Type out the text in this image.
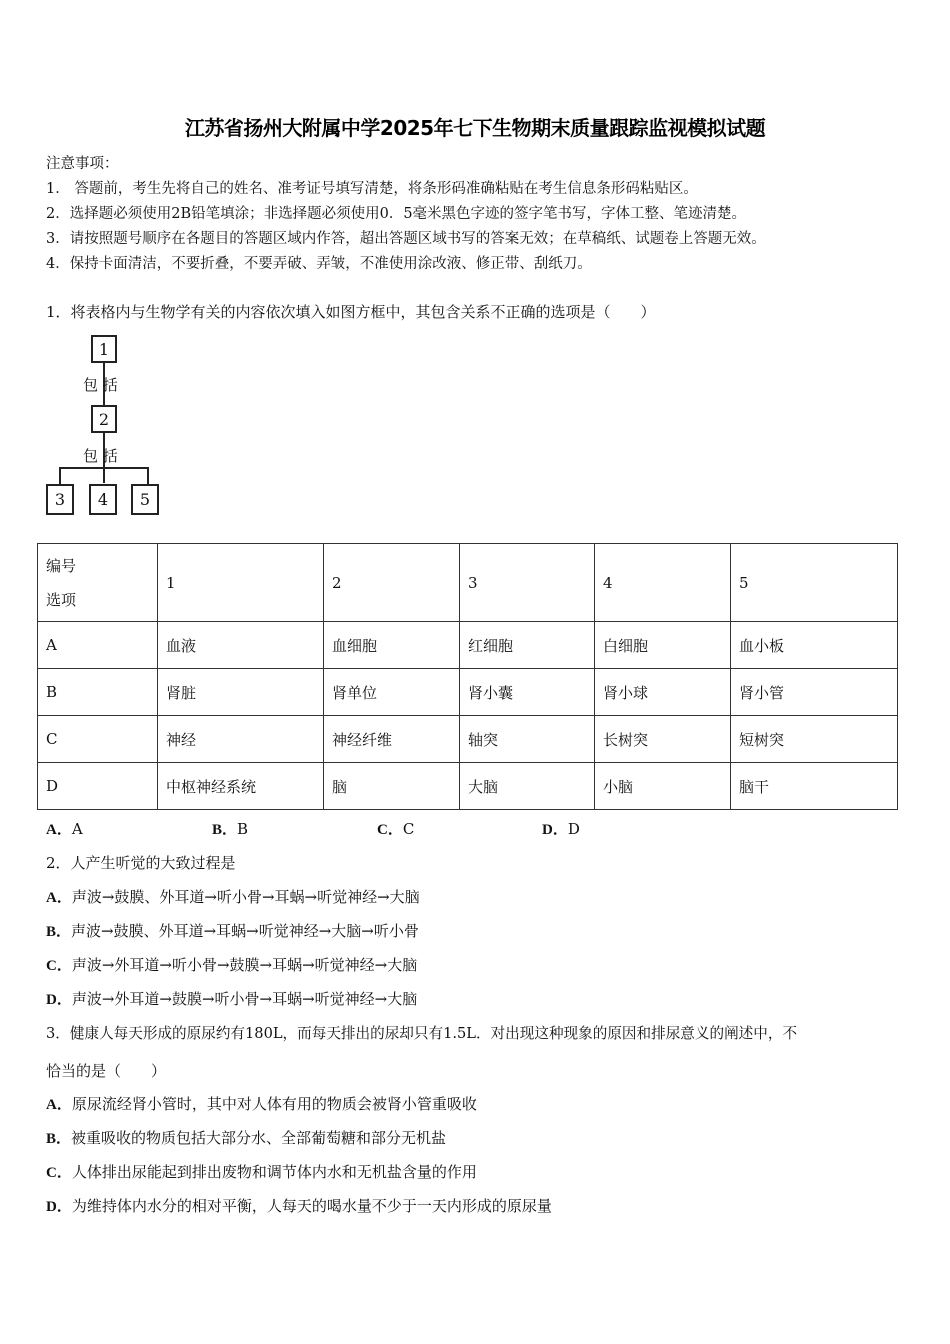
江苏省扬州大附属中学2025年七下生物期末质量跟踪监视模拟试题
注意事项：
1． 答题前，考生先将自己的姓名、准考证号填写清楚，将条形码准确粘贴在考生信息条形码粘贴区。
2．选择题必须使用2B铅笔填涂；非选择题必须使用0．5毫米黑色字迹的签字笔书写，字体工整、笔迹清楚。
3．请按照题号顺序在各题目的答题区域内作答，超出答题区域书写的答案无效；在草稿纸、试题卷上答题无效。
4．保持卡面清洁，不要折叠，不要弄破、弄皱，不准使用涂改液、修正带、刮纸刀。
1．将表格内与生物学有关的内容依次填入如图方框中，其包含关系不正确的选项是（　　）
1
包 括
2
包 括
3	4	5
编号
选项	1	2	3	4	5
A	血液	血细胞	红细胞	白细胞	血小板
B	肾脏	肾单位	肾小囊	肾小球	肾小管
C	神经	神经纤维	轴突	长树突	短树突
D	中枢神经系统	脑	大脑	小脑	脑干
A．A	B．B	C．C	D．D
2．人产生听觉的大致过程是
A．声波→鼓膜、外耳道→听小骨→耳蜗→听觉神经→大脑
B．声波→鼓膜、外耳道→耳蜗→听觉神经→大脑→听小骨
C．声波→外耳道→听小骨→鼓膜→耳蜗→听觉神经→大脑
D．声波→外耳道→鼓膜→听小骨→耳蜗→听觉神经→大脑
3．健康人每天形成的原尿约有180L，而每天排出的尿却只有1.5L．对出现这种现象的原因和排尿意义的阐述中，不
恰当的是（　　）
A．原尿流经肾小管时，其中对人体有用的物质会被肾小管重吸收
B．被重吸收的物质包括大部分水、全部葡萄糖和部分无机盐
C．人体排出尿能起到排出废物和调节体内水和无机盐含量的作用
D．为维持体内水分的相对平衡，人每天的喝水量不少于一天内形成的原尿量
